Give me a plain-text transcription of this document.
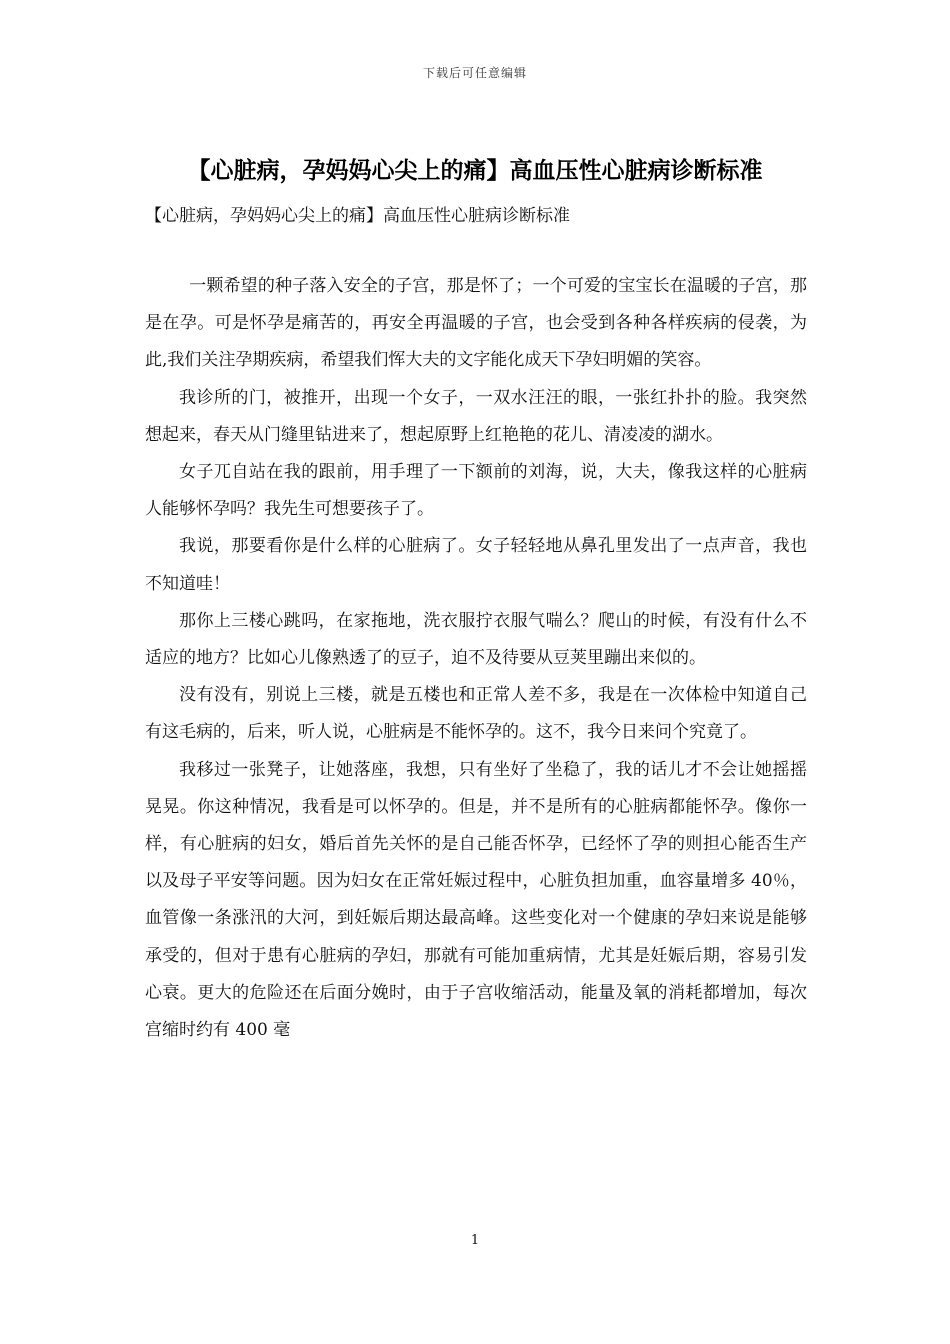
下载后可任意编辑
【心脏病，孕妈妈心尖上的痛】高血压性心脏病诊断标准
【心脏病，孕妈妈心尖上的痛】高血压性心脏病诊断标准

一颗希望的种子落入安全的子宫，那是怀了；一个可爱的宝宝长在温暖的子宫，那是在孕。可是怀孕是痛苦的，再安全再温暖的子宫，也会受到各种各样疾病的侵袭，为此,我们关注孕期疾病，希望我们恽大夫的文字能化成天下孕妇明媚的笑容。

我诊所的门，被推开，出现一个女子，一双水汪汪的眼，一张红扑扑的脸。我突然想起来，春天从门缝里钻进来了，想起原野上红艳艳的花儿、清凌凌的湖水。

女子兀自站在我的跟前，用手理了一下额前的刘海，说，大夫，像我这样的心脏病人能够怀孕吗？我先生可想要孩子了。

我说，那要看你是什么样的心脏病了。女子轻轻地从鼻孔里发出了一点声音，我也不知道哇！

那你上三楼心跳吗，在家拖地，洗衣服拧衣服气喘么？爬山的时候，有没有什么不适应的地方？比如心儿像熟透了的豆子，迫不及待要从豆荚里蹦出来似的。

没有没有，别说上三楼，就是五楼也和正常人差不多，我是在一次体检中知道自己有这毛病的，后来，听人说，心脏病是不能怀孕的。这不，我今日来问个究竟了。

我移过一张凳子，让她落座，我想，只有坐好了坐稳了，我的话儿才不会让她摇摇晃晃。你这种情况，我看是可以怀孕的。但是，并不是所有的心脏病都能怀孕。像你一样，有心脏病的妇女，婚后首先关怀的是自己能否怀孕，已经怀了孕的则担心能否生产以及母子平安等问题。因为妇女在正常妊娠过程中，心脏负担加重，血容量增多 40％，血管像一条涨汛的大河，到妊娠后期达最高峰。这些变化对一个健康的孕妇来说是能够承受的，但对于患有心脏病的孕妇，那就有可能加重病情，尤其是妊娠后期，容易引发心衰。更大的危险还在后面分娩时，由于子宫收缩活动，能量及氧的消耗都增加，每次宫缩时约有 400 毫

1
